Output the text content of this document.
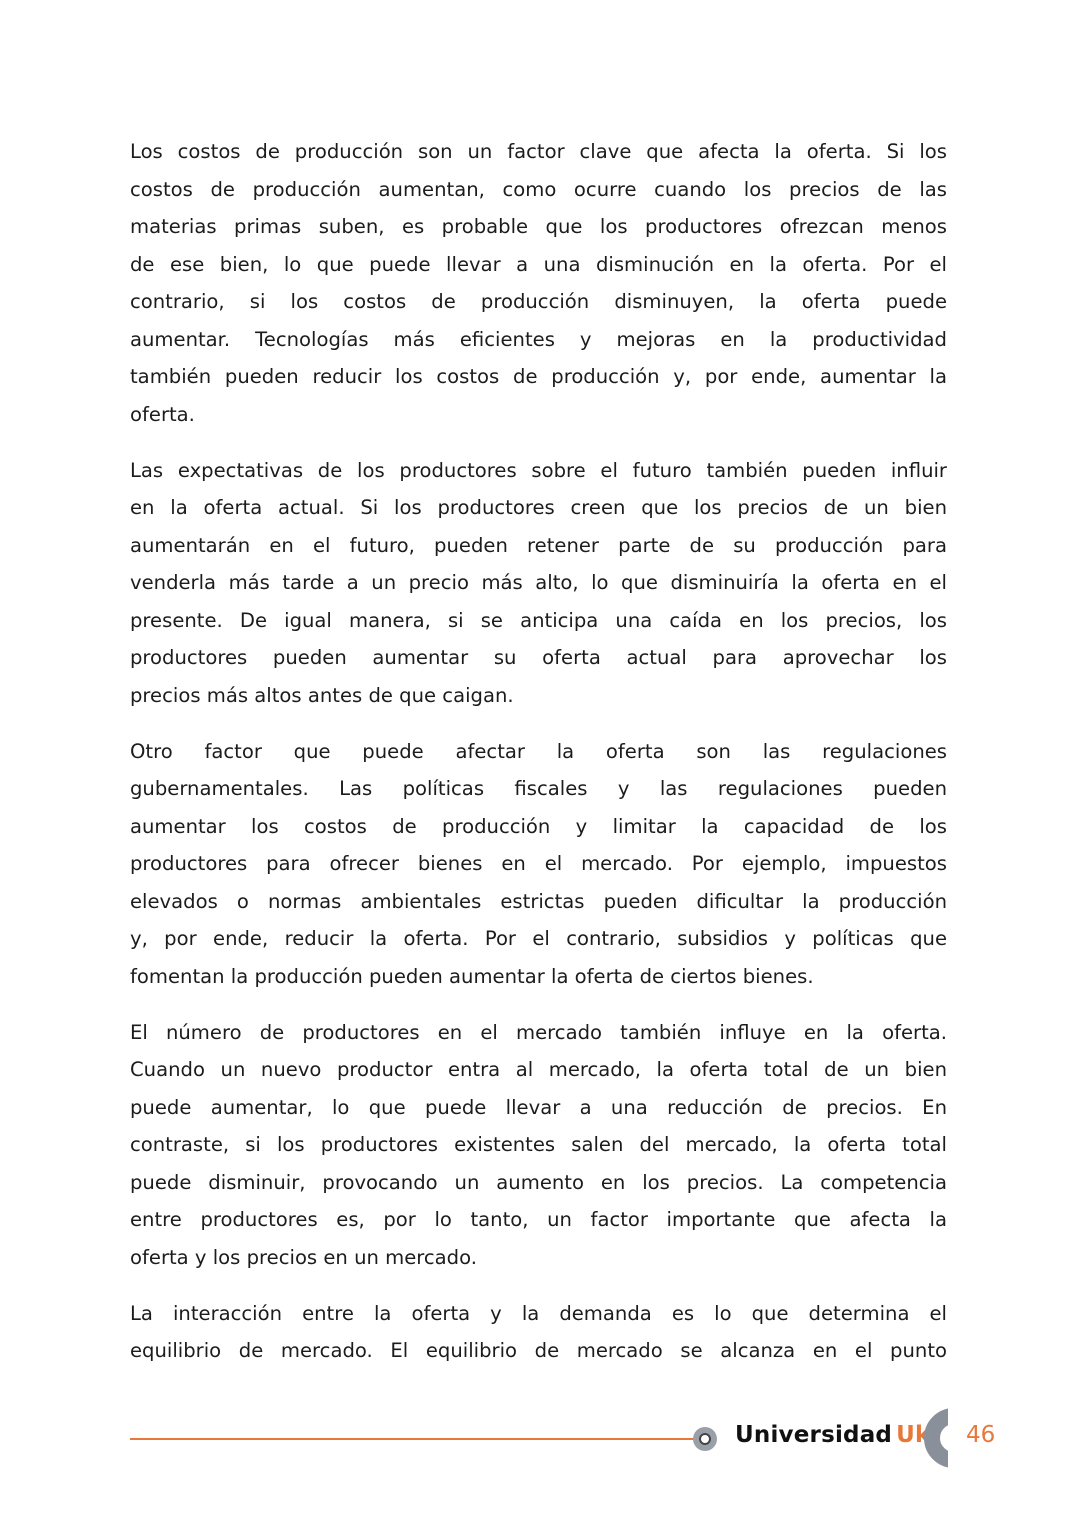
Los costos de producción son un factor clave que afecta la oferta. Si los
costos de producción aumentan, como ocurre cuando los precios de las
materias primas suben, es probable que los productores ofrezcan menos
de ese bien, lo que puede llevar a una disminución en la oferta. Por el
contrario, si los costos de producción disminuyen, la oferta puede
aumentar. Tecnologías más eficientes y mejoras en la productividad
también pueden reducir los costos de producción y, por ende, aumentar la
oferta.

Las expectativas de los productores sobre el futuro también pueden influir
en la oferta actual. Si los productores creen que los precios de un bien
aumentarán en el futuro, pueden retener parte de su producción para
venderla más tarde a un precio más alto, lo que disminuiría la oferta en el
presente. De igual manera, si se anticipa una caída en los precios, los
productores pueden aumentar su oferta actual para aprovechar los
precios más altos antes de que caigan.

Otro factor que puede afectar la oferta son las regulaciones
gubernamentales. Las políticas fiscales y las regulaciones pueden
aumentar los costos de producción y limitar la capacidad de los
productores para ofrecer bienes en el mercado. Por ejemplo, impuestos
elevados o normas ambientales estrictas pueden dificultar la producción
y, por ende, reducir la oferta. Por el contrario, subsidios y políticas que
fomentan la producción pueden aumentar la oferta de ciertos bienes.

El número de productores en el mercado también influye en la oferta.
Cuando un nuevo productor entra al mercado, la oferta total de un bien
puede aumentar, lo que puede llevar a una reducción de precios. En
contraste, si los productores existentes salen del mercado, la oferta total
puede disminuir, provocando un aumento en los precios. La competencia
entre productores es, por lo tanto, un factor importante que afecta la
oferta y los precios en un mercado.

La interacción entre la oferta y la demanda es lo que determina el
equilibrio de mercado. El equilibrio de mercado se alcanza en el punto

Universidad Uk 46
